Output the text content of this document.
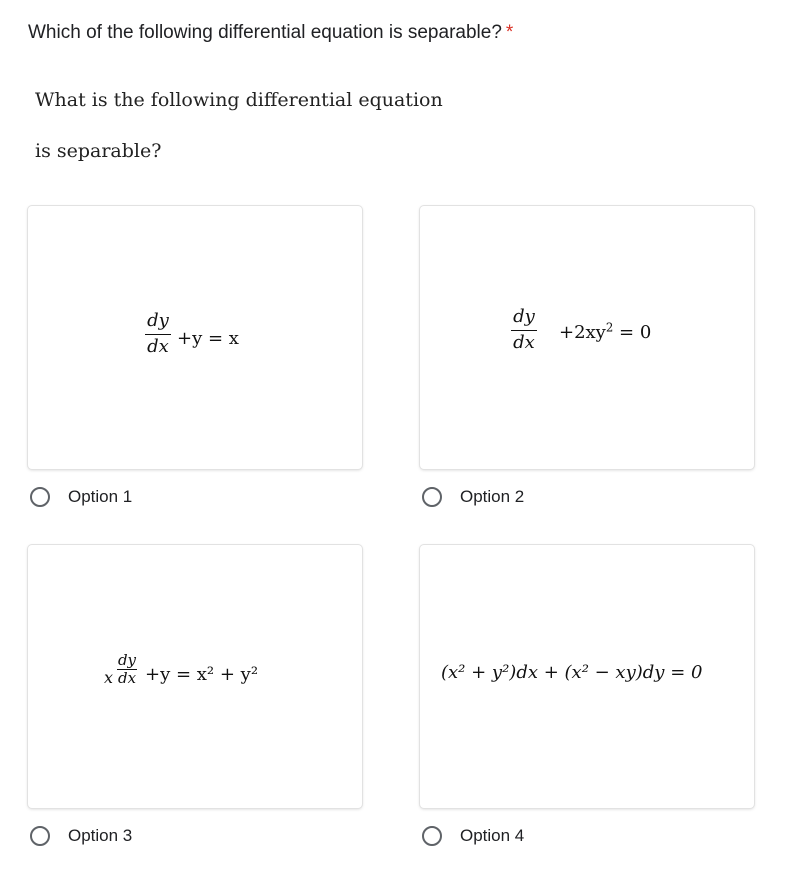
Which of the following differential equation is separable? *
What is the following differential equation
is separable?
dy
dx +y = x
Option 1
dy
dx $+2xy^2 = 0$
Option 2
x
dy
dx +y = x² + y²
Option 3
(x² + y²)dx + (x² − xy)dy = 0
Option 4
